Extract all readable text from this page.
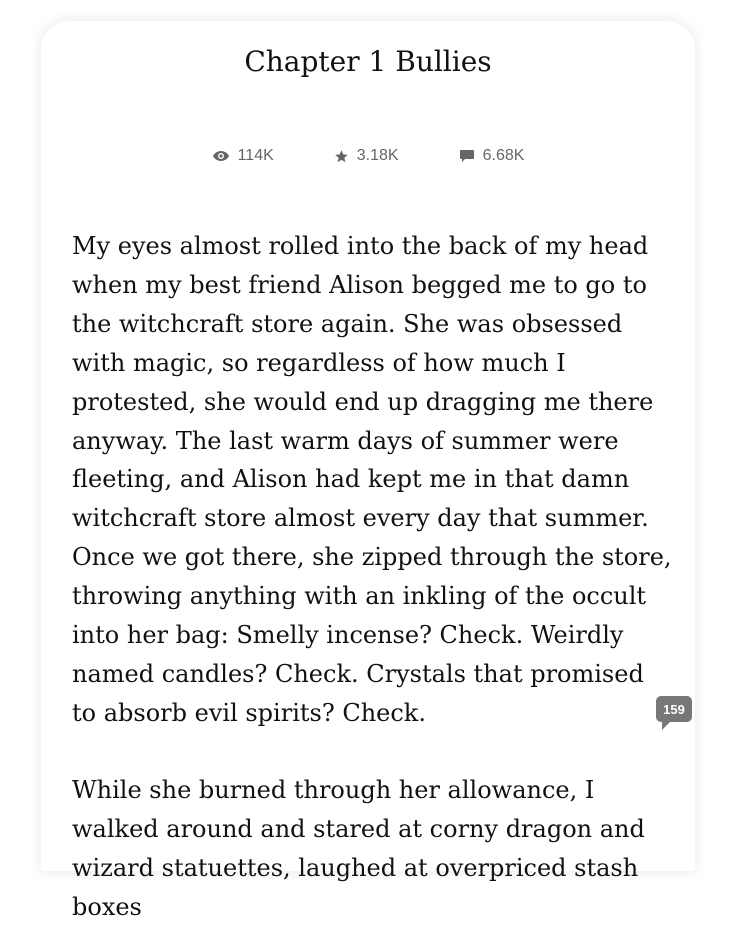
Chapter 1 Bullies
114K	3.18K	6.68K

My eyes almost rolled into the back of my head when my best friend Alison begged me to go to the witchcraft store again. She was obsessed with magic, so regardless of how much I protested, she would end up dragging me there anyway. The last warm days of summer were fleeting, and Alison had kept me in that damn witchcraft store almost every day that summer. Once we got there, she zipped through the store, throwing anything with an inkling of the occult into her bag: Smelly incense? Check. Weirdly named candles? Check. Crystals that promised to absorb evil spirits? Check.	159

While she burned through her allowance, I walked around and stared at corny dragon and wizard statuettes, laughed at overpriced stash boxes
